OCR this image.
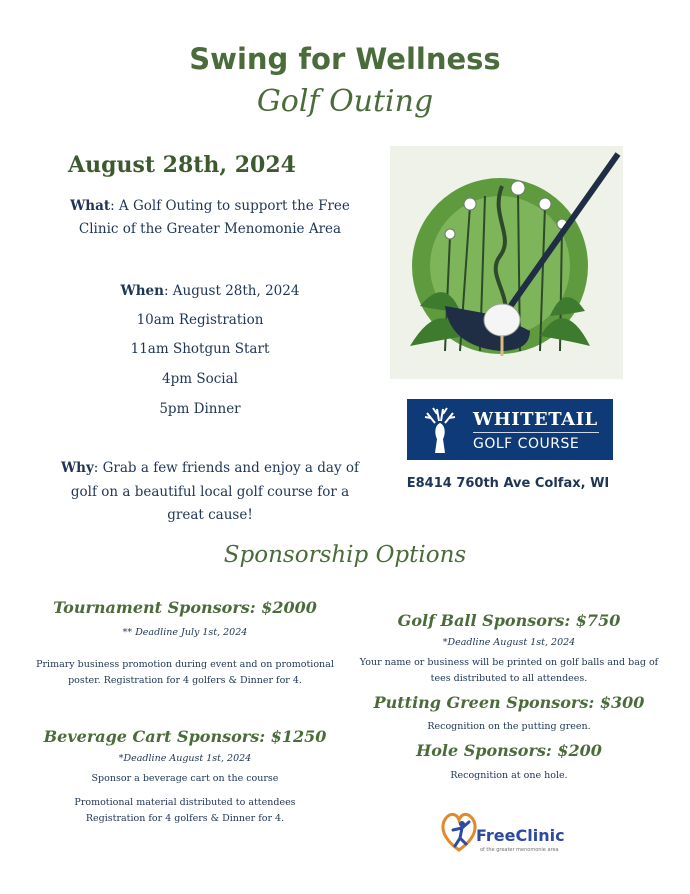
Swing for Wellness
Golf Outing
August 28th, 2024
What: A Golf Outing to support the Free
Clinic of the Greater Menomonie Area
When: August 28th, 2024
10am Registration
11am Shotgun Start
4pm Social
5pm Dinner
Why: Grab a few friends and enjoy a day of
golf on a beautiful local golf course for a
great cause!
WHITETAIL
GOLF COURSE
E8414 760th Ave Colfax, WI
Sponsorship Options
Tournament Sponsors: $2000
** Deadline July 1st, 2024
Primary business promotion during event and on promotional
poster. Registration for 4 golfers & Dinner for 4.
Beverage Cart Sponsors: $1250
*Deadline August 1st, 2024
Sponsor a beverage cart on the course
Promotional material distributed to attendees
Registration for 4 golfers & Dinner for 4.
Golf Ball Sponsors: $750
*Deadline August 1st, 2024
Your name or business will be printed on golf balls and bag of
tees distributed to all attendees.
Putting Green Sponsors: $300
Recognition on the putting green.
Hole Sponsors: $200
Recognition at one hole.
FreeClinic
of the greater menomonie area
